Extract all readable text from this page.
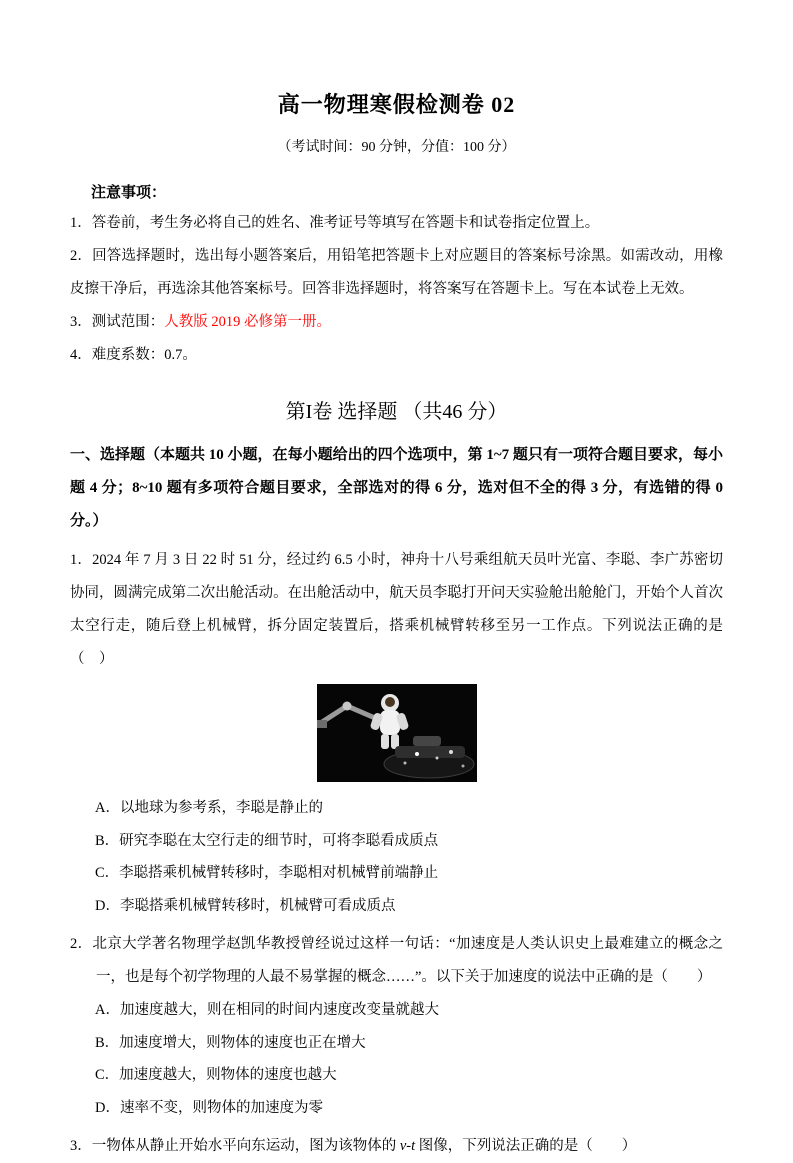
高一物理寒假检测卷 02
（考试时间：90 分钟，分值：100 分）
注意事项：

1．答卷前，考生务必将自己的姓名、准考证号等填写在答题卡和试卷指定位置上。

2．回答选择题时，选出每小题答案后，用铅笔把答题卡上对应题目的答案标号涂黑。如需改动，用橡皮擦干净后，再选涂其他答案标号。回答非选择题时，将答案写在答题卡上。写在本试卷上无效。

3．测试范围：人教版 2019 必修第一册。

4．难度系数：0.7。

第I卷 选择题 （共46 分）

一、选择题（本题共 10 小题，在每小题给出的四个选项中，第 1~7 题只有一项符合题目要求，每小题 4 分；8~10 题有多项符合题目要求，全部选对的得 6 分，选对但不全的得 3 分，有选错的得 0 分。）

1．2024 年 7 月 3 日 22 时 51 分，经过约 6.5 小时，神舟十八号乘组航天员叶光富、李聪、李广苏密切协同，圆满完成第二次出舱活动。在出舱活动中，航天员李聪打开问天实验舱出舱舱门，开始个人首次太空行走，随后登上机械臂，拆分固定装置后，搭乘机械臂转移至另一工作点。下列说法正确的是（　）

A．以地球为参考系，李聪是静止的

B．研究李聪在太空行走的细节时，可将李聪看成质点

C．李聪搭乘机械臂转移时，李聪相对机械臂前端静止

D．李聪搭乘机械臂转移时，机械臂可看成质点

2．北京大学著名物理学赵凯华教授曾经说过这样一句话：“加速度是人类认识史上最难建立的概念之一，也是每个初学物理的人最不易掌握的概念……”。以下关于加速度的说法中正确的是（　　）

A．加速度越大，则在相同的时间内速度改变量就越大

B．加速度增大，则物体的速度也正在增大

C．加速度越大，则物体的速度也越大

D．速率不变，则物体的加速度为零

3．一物体从静止开始水平向东运动，图为该物体的 v-t 图像，下列说法正确的是（　　）
